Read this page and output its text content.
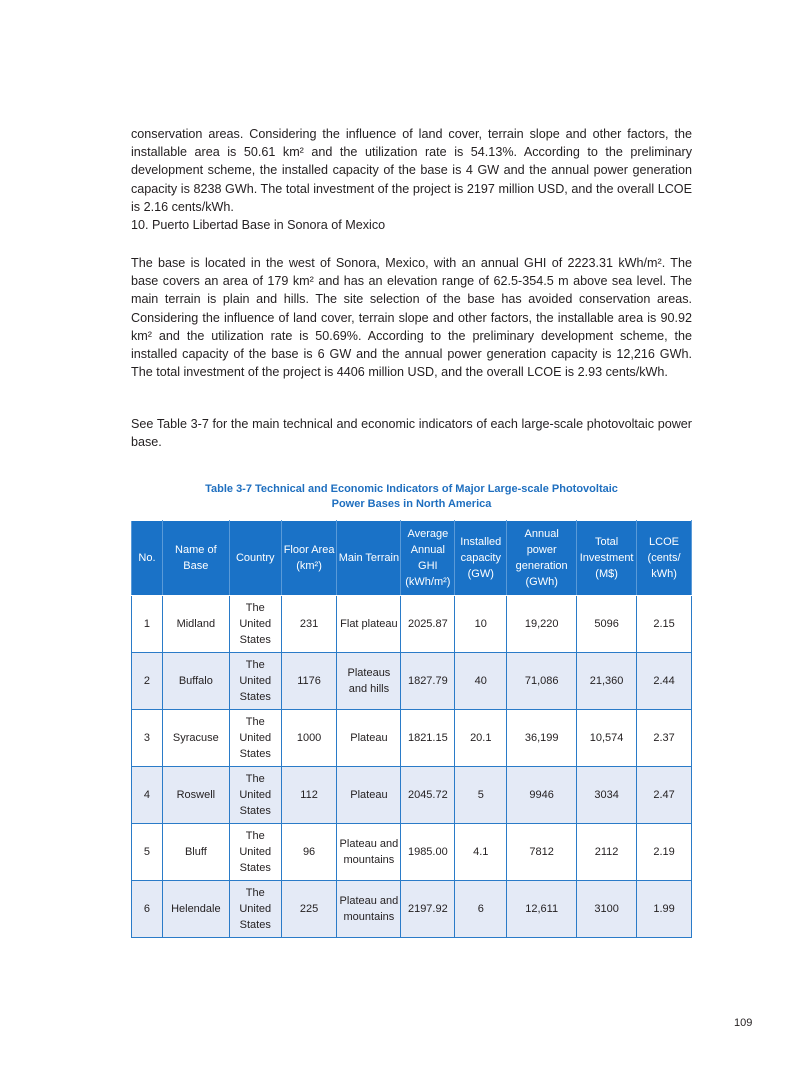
conservation areas. Considering the influence of land cover, terrain slope and other factors, the installable area is 50.61 km² and the utilization rate is 54.13%. According to the preliminary development scheme, the installed capacity of the base is 4 GW and the annual power generation capacity is 8238 GWh. The total investment of the project is 2197 million USD, and the overall LCOE is 2.16 cents/kWh.

10. Puerto Libertad Base in Sonora of Mexico

The base is located in the west of Sonora, Mexico, with an annual GHI of 2223.31 kWh/m². The base covers an area of 179 km² and has an elevation range of 62.5-354.5 m above sea level. The main terrain is plain and hills. The site selection of the base has avoided conservation areas. Considering the influence of land cover, terrain slope and other factors, the installable area is 90.92 km² and the utilization rate is 50.69%. According to the preliminary development scheme, the installed capacity of the base is 6 GW and the annual power generation capacity is 12,216 GWh. The total investment of the project is 4406 million USD, and the overall LCOE is 2.93 cents/kWh.

See Table 3-7 for the main technical and economic indicators of each large-scale photovoltaic power base.

Table 3-7 Technical and Economic Indicators of Major Large-scale Photovoltaic
Power Bases in North America
No.	Name of Base	Country	Floor Area (km²)	Main Terrain	Average Annual GHI (kWh/m²)	Installed capacity (GW)	Annual power generation (GWh)	Total Investment (M$)	LCOE (cents/ kWh)
1	Midland	The United States	231	Flat plateau	2025.87	10	19,220	5096	2.15
2	Buffalo	The United States	1176	Plateaus and hills	1827.79	40	71,086	21,360	2.44
3	Syracuse	The United States	1000	Plateau	1821.15	20.1	36,199	10,574	2.37
4	Roswell	The United States	112	Plateau	2045.72	5	9946	3034	2.47
5	Bluff	The United States	96	Plateau and mountains	1985.00	4.1	7812	2112	2.19
6	Helendale	The United States	225	Plateau and mountains	2197.92	6	12,611	3100	1.99
109
